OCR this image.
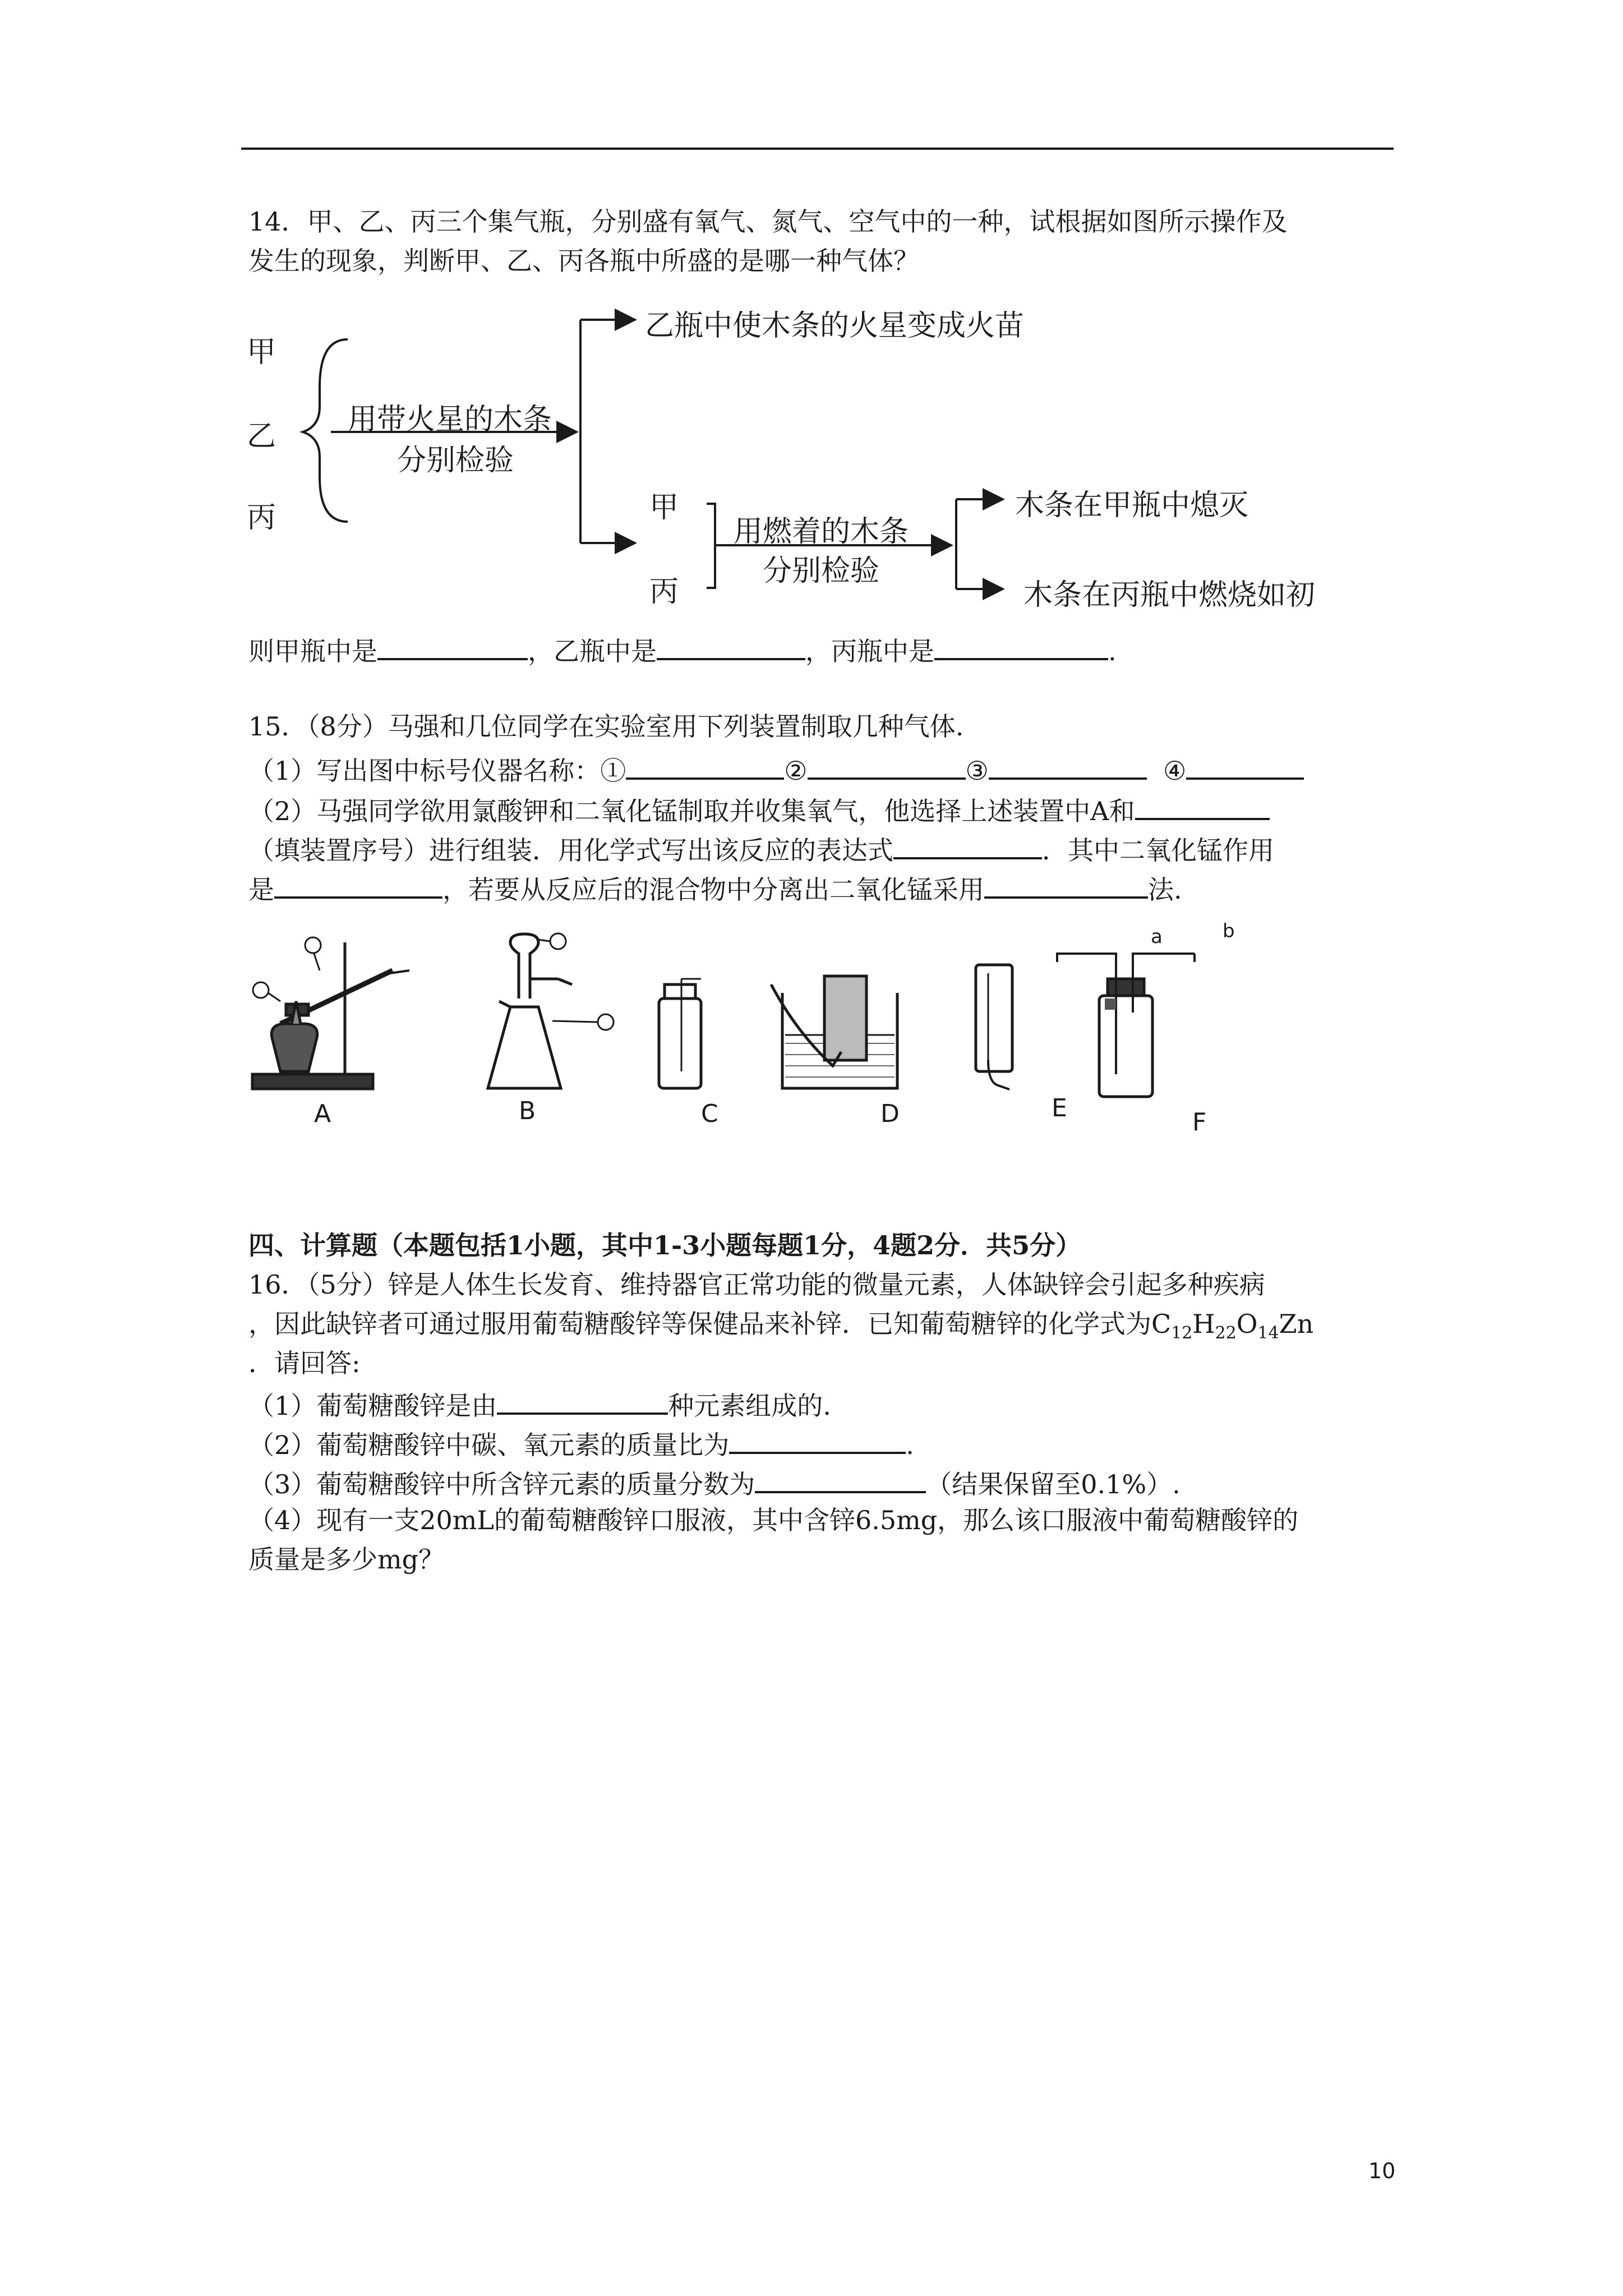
14．甲、乙、丙三个集气瓶，分别盛有氧气、氮气、空气中的一种，试根据如图所示操作及
发生的现象，判断甲、乙、丙各瓶中所盛的是哪一种气体？
甲
乙
丙
用带火星的木条
分别检验
乙瓶中使木条的火星变成火苗
甲
丙
用燃着的木条
分别检验
木条在甲瓶中熄灭
木条在丙瓶中燃烧如初
则甲瓶中是	，乙瓶中是	，丙瓶中是	.
15．（8分）马强和几位同学在实验室用下列装置制取几种气体.
（1）写出图中标号仪器名称：①	②	③	④
（2）马强同学欲用氯酸钾和二氧化锰制取并收集氧气，他选择上述装置中A和
（填装置序号）进行组装．用化学式写出该反应的表达式	．其中二氧化锰作用
是	，若要从反应后的混合物中分离出二氧化锰采用	法.
A	B	C	D	E	F
a	b
四、计算题（本题包括1小题，其中1-3小题每题1分，4题2分．共5分）
16．（5分）锌是人体生长发育、维持器官正常功能的微量元素，人体缺锌会引起多种疾病
，因此缺锌者可通过服用葡萄糖酸锌等保健品来补锌．已知葡萄糖锌的化学式为$C_{12}H_{22}O_{14}Zn$
．请回答:
（1）葡萄糖酸锌是由	种元素组成的.
（2）葡萄糖酸锌中碳、氧元素的质量比为	.
（3）葡萄糖酸锌中所含锌元素的质量分数为	（结果保留至0.1%）.
（4）现有一支20mL的葡萄糖酸锌口服液，其中含锌6.5mg，那么该口服液中葡萄糖酸锌的
质量是多少mg？
10
